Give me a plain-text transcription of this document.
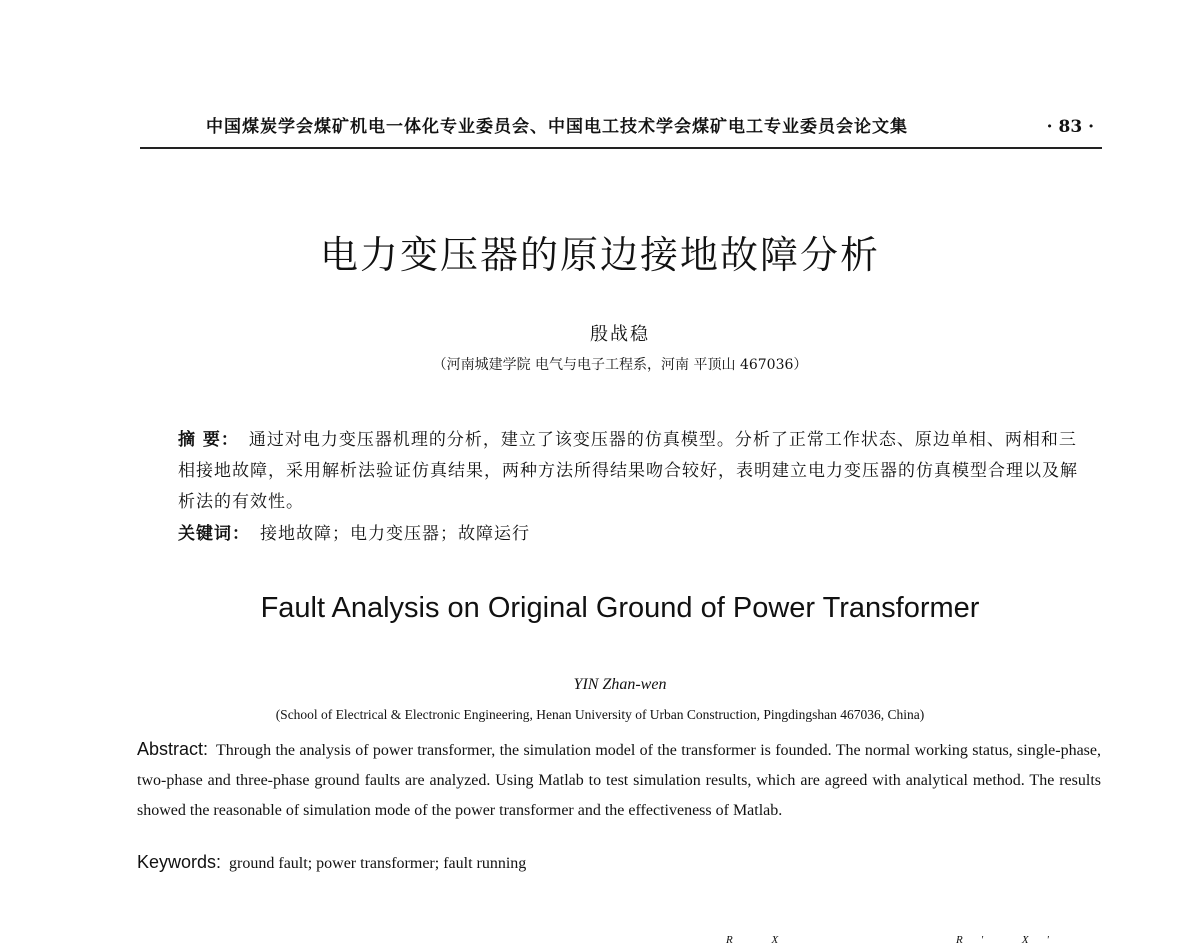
中国煤炭学会煤矿机电一体化专业委员会、中国电工技术学会煤矿电工专业委员会论文集	· 83 ·
电力变压器的原边接地故障分析
殷战稳
（河南城建学院 电气与电子工程系，河南 平顶山 467036）
摘 要： 通过对电力变压器机理的分析，建立了该变压器的仿真模型。分析了正常工作状态、原边单相、两相和三相接地故障，采用解析法验证仿真结果，两种方法所得结果吻合较好，表明建立电力变压器的仿真模型合理以及解析法的有效性。
关键词： 接地故障；电力变压器；故障运行
Fault Analysis on Original Ground of Power Transformer
YIN Zhan-wen
(School of Electrical & Electronic Engineering, Henan University of Urban Construction, Pingdingshan 467036, China)
Abstract: Through the analysis of power transformer, the simulation model of the transformer is founded. The normal working status, single-phase, two-phase and three-phase ground faults are analyzed. Using Matlab to test simulation results, which are agreed with analytical method. The results showed the reasonable of simulation mode of the power transformer and the effectiveness of Matlab.
Keywords: ground fault; power transformer; fault running
R X	R' X'
